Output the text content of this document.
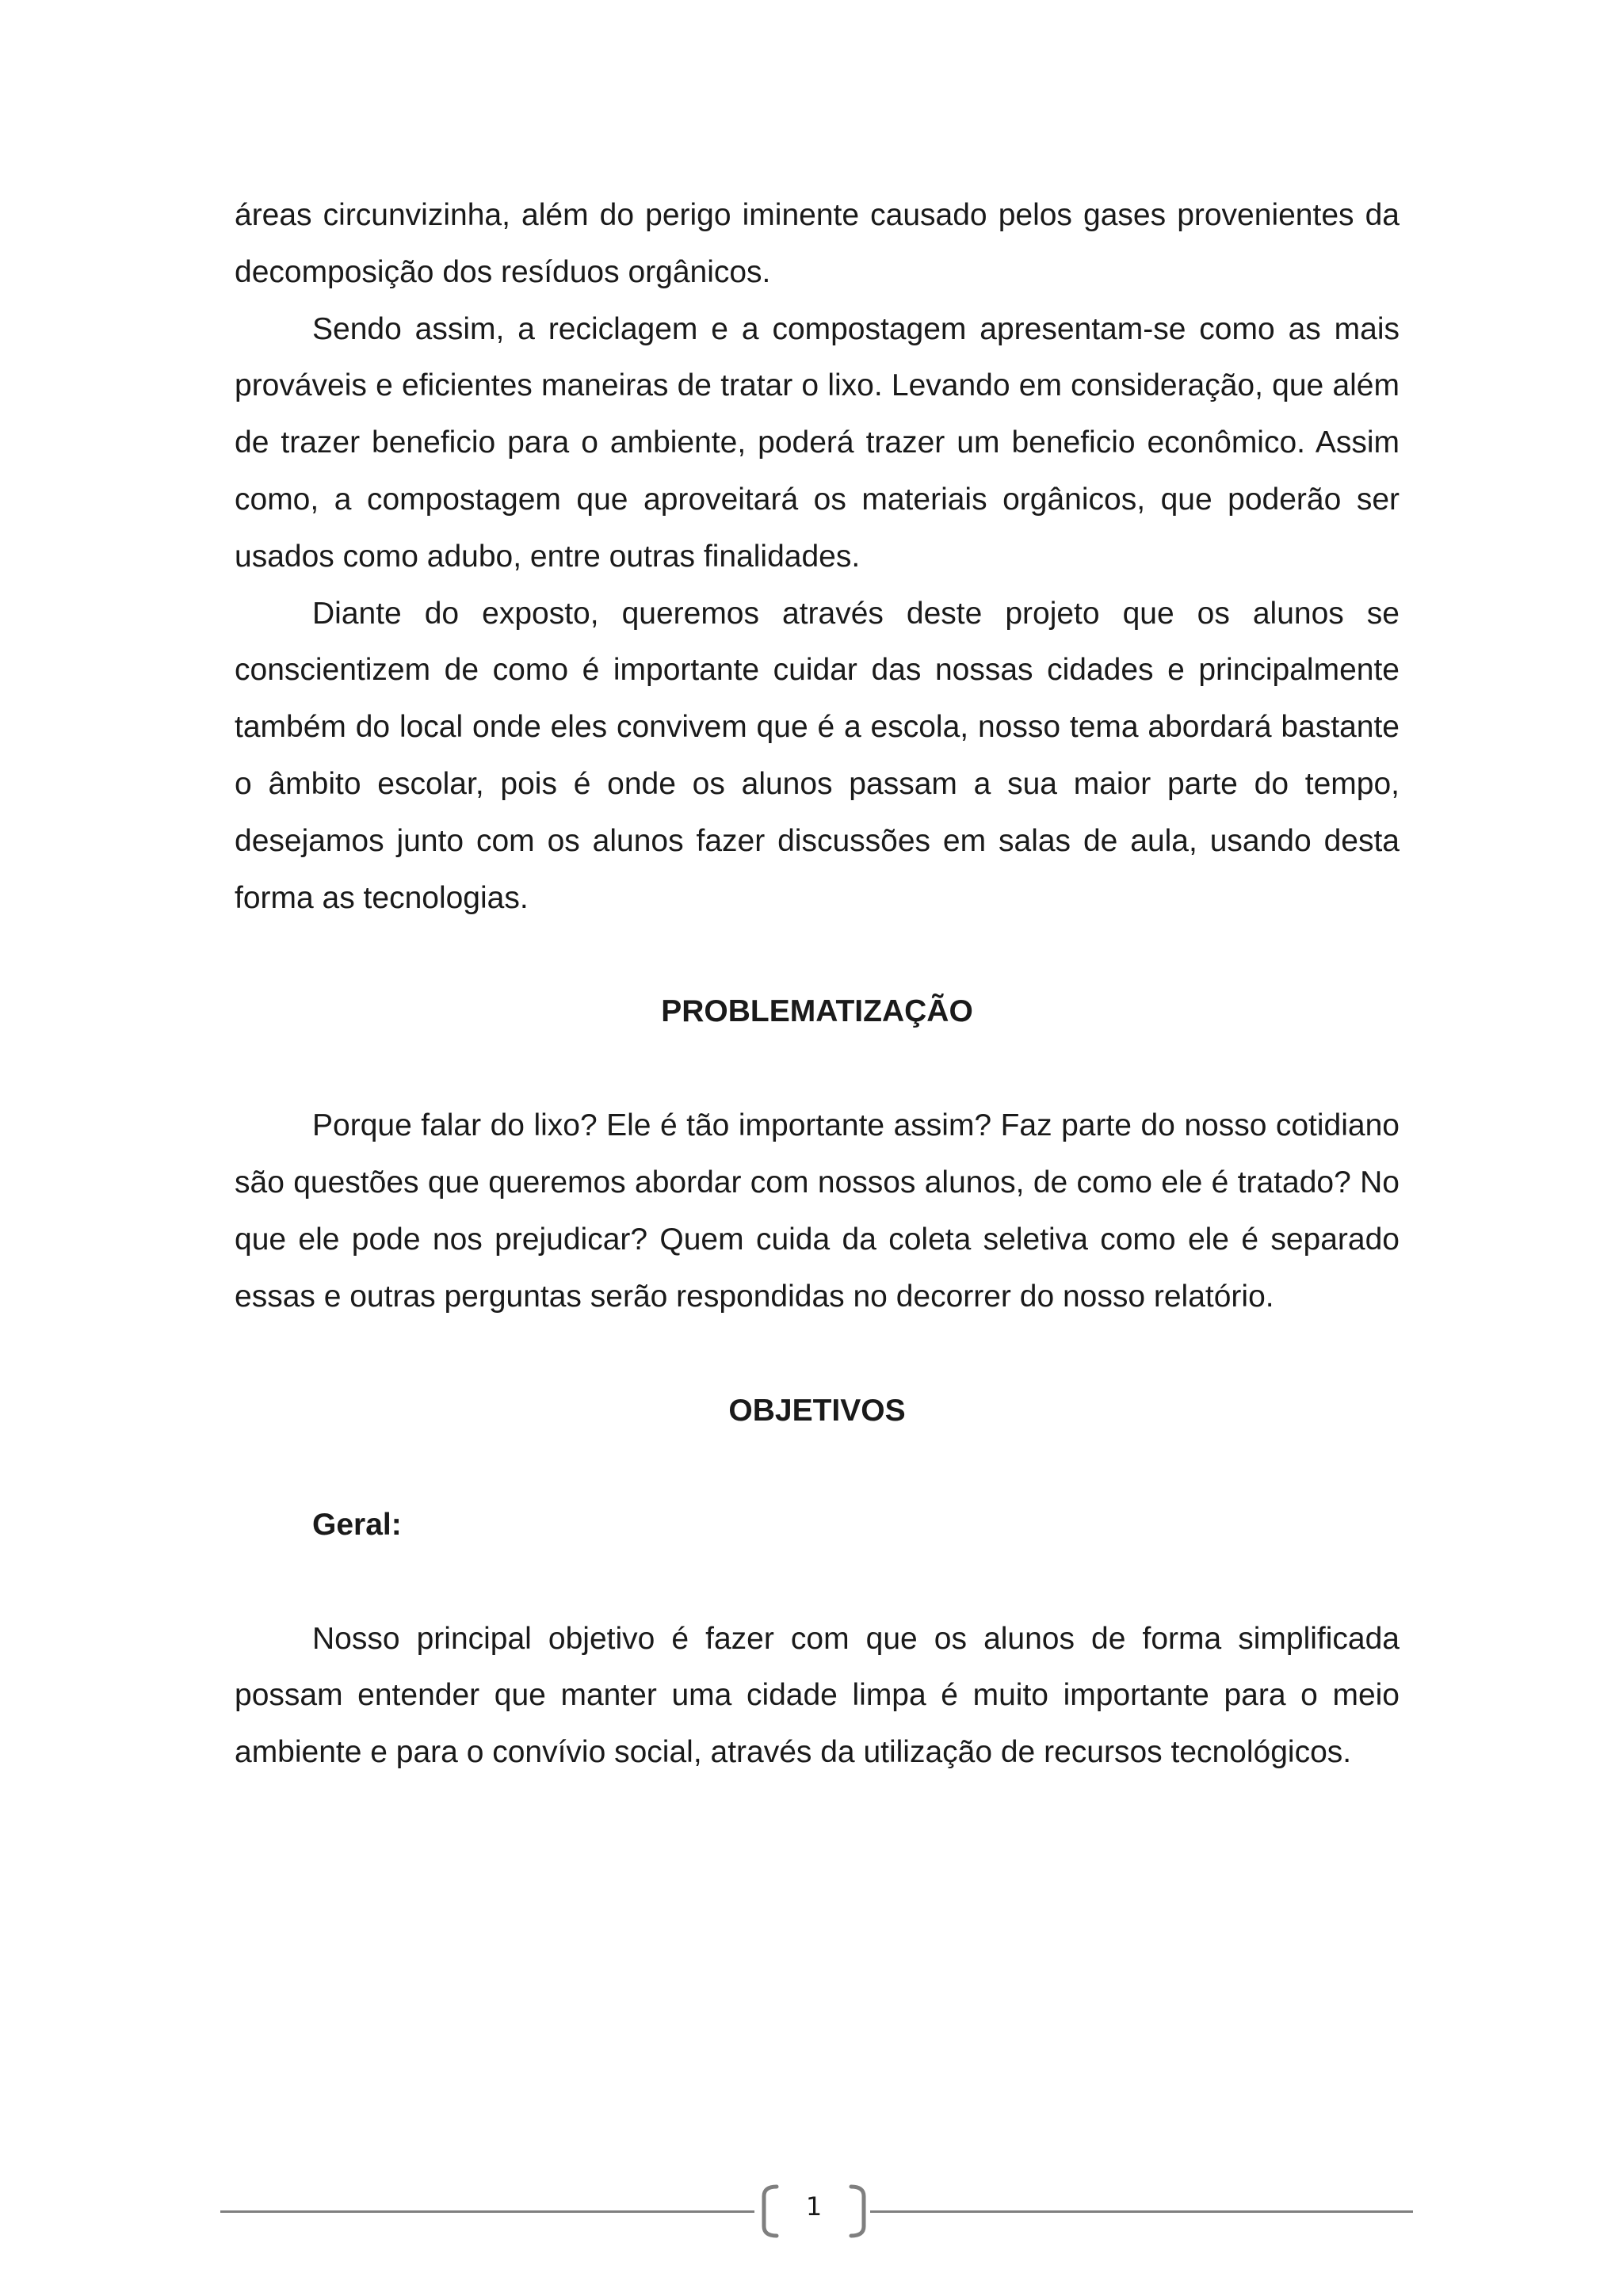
áreas circunvizinha, além do perigo iminente causado pelos gases provenientes da decomposição dos resíduos orgânicos.

Sendo assim, a reciclagem e a compostagem apresentam-se como as mais prováveis e eficientes maneiras de tratar o lixo. Levando em consideração, que além de trazer beneficio para o ambiente, poderá trazer um beneficio econômico. Assim como, a compostagem que aproveitará os materiais orgânicos, que poderão ser usados como adubo, entre outras finalidades.

Diante do exposto, queremos através deste projeto que os alunos se conscientizem de como é importante cuidar das nossas cidades e principalmente também do local onde eles convivem que é a escola, nosso tema abordará bastante o âmbito escolar, pois é onde os alunos passam a sua maior parte do tempo, desejamos junto com os alunos fazer discussões em salas de aula, usando desta forma as tecnologias.

PROBLEMATIZAÇÃO

Porque falar do lixo? Ele é tão importante assim? Faz parte do nosso cotidiano são questões que queremos abordar com nossos alunos, de como ele é tratado? No que ele pode nos prejudicar? Quem cuida da coleta seletiva como ele é separado essas e outras perguntas serão respondidas no decorrer do nosso relatório.

OBJETIVOS
Geral:

Nosso principal objetivo é fazer com que os alunos de forma simplificada possam entender que manter uma cidade limpa é muito importante para o meio ambiente e para o convívio social, através da utilização de recursos tecnológicos.

1
